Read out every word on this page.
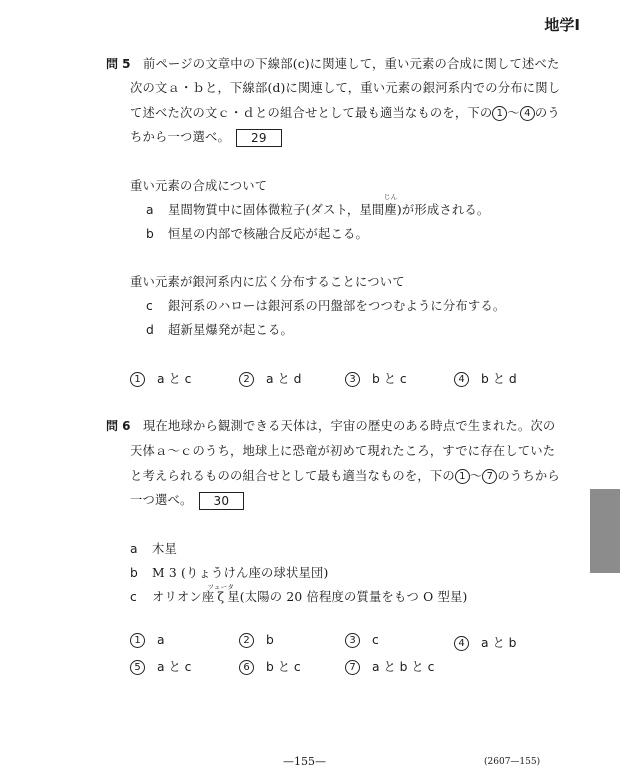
地学Ⅰ
問 5 前ページの文章中の下線部(c)に関連して，重い元素の合成に関して述べた
次の文ａ・ｂと，下線部(d)に関連して，重い元素の銀河系内での分布に関し
て述べた次の文ｃ・ｄとの組合せとして最も適当なものを，下の 1 ～ 4 のう
ちから一つ選べ。 29
重い元素の合成について
a 星間物質中に固体微粒子(ダスト，星間塵
じん
)が形成される。
b 恒星の内部で核融合反応が起こる。
重い元素が銀河系内に広く分布することについて
c 銀河系のハローは銀河系の円盤部をつつむように分布する。
d 超新星爆発が起こる。
1 a と c	2 a と d	3 b と c	4 b と d
問 6 現在地球から観測できる天体は，宇宙の歴史のある時点で生まれた。次の
天体ａ～ｃのうち，地球上に恐竜が初めて現れたころ，すでに存在していた
と考えられるものの組合せとして最も適当なものを，下の 1 ～ 7 のうちから
一つ選べ。 30
a 木星
b M 3 (りょうけん座の球状星団)
c オリオン座 ζ
ツェータ
星(太陽の 20 倍程度の質量をもつ O 型星)
1 a	2 b	3 c	4 a と b
5 a と c	6 b と c	7 a と b と c
—155—	(2607—155)
